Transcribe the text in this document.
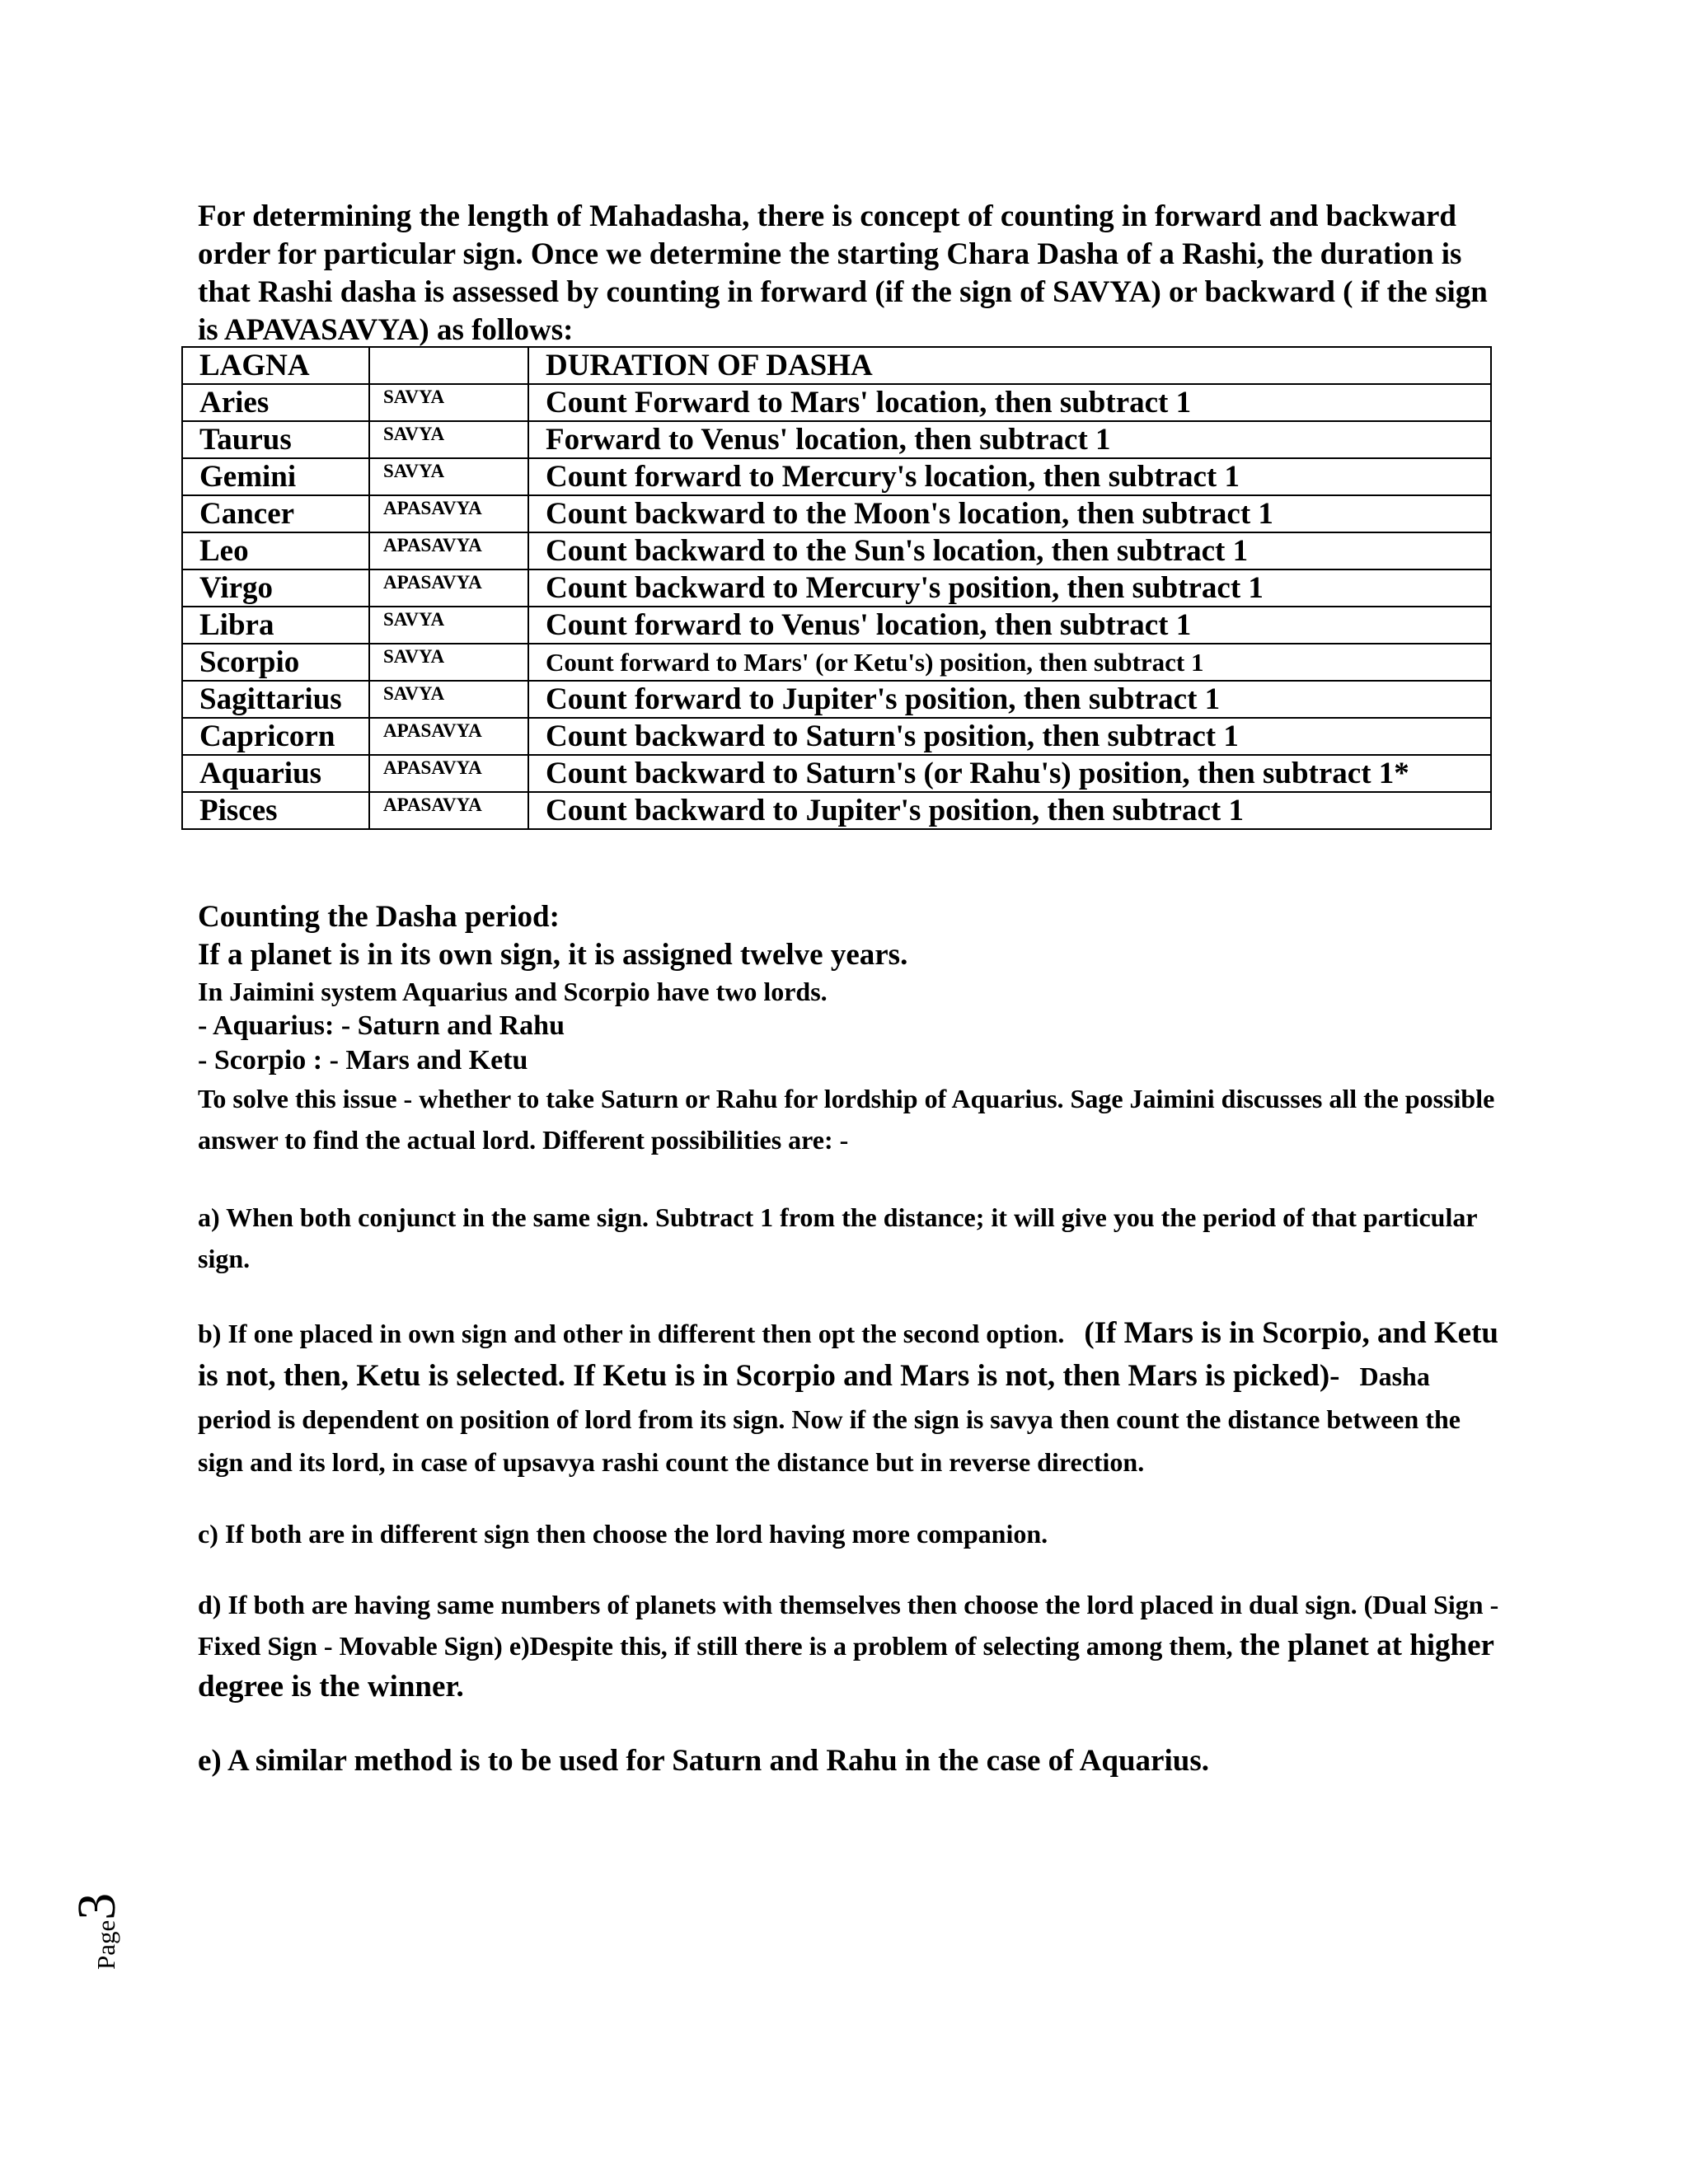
For determining the length of Mahadasha, there is concept of counting in forward and backward order for particular sign. Once we determine the starting Chara Dasha of a Rashi, the duration is that Rashi dasha is assessed by counting in forward (if the sign of SAVYA) or backward ( if the sign is APAVASAVYA) as follows:

LAGNA		DURATION OF DASHA
Aries	SAVYA	Count Forward to Mars' location, then subtract 1
Taurus	SAVYA	Forward to Venus' location, then subtract 1
Gemini	SAVYA	Count forward to Mercury's location, then subtract 1
Cancer	APASAVYA	Count backward to the Moon's location, then subtract 1
Leo	APASAVYA	Count backward to the Sun's location, then subtract 1
Virgo	APASAVYA	Count backward to Mercury's position, then subtract 1
Libra	SAVYA	Count forward to Venus' location, then subtract 1
Scorpio	SAVYA	Count forward to Mars' (or Ketu's) position, then subtract 1
Sagittarius	SAVYA	Count forward to Jupiter's position, then subtract 1
Capricorn	APASAVYA	Count backward to Saturn's position, then subtract 1
Aquarius	APASAVYA	Count backward to Saturn's (or Rahu's) position, then subtract 1*
Pisces	APASAVYA	Count backward to Jupiter's position, then subtract 1

Counting the Dasha period:

If a planet is in its own sign, it is assigned twelve years.

In Jaimini system Aquarius and Scorpio have two lords.

- Aquarius: - Saturn and Rahu

- Scorpio : - Mars and Ketu

To solve this issue - whether to take Saturn or Rahu for lordship of Aquarius. Sage Jaimini discusses all the possible answer to find the actual lord. Different possibilities are: -

a) When both conjunct in the same sign. Subtract 1 from the distance; it will give you the period of that particular sign.

b) If one placed in own sign and other in different then opt the second option. (If Mars is in Scorpio, and Ketu is not, then, Ketu is selected. If Ketu is in Scorpio and Mars is not, then Mars is picked)- Dasha period is dependent on position of lord from its sign. Now if the sign is savya then count the distance between the sign and its lord, in case of upsavya rashi count the distance but in reverse direction.

c) If both are in different sign then choose the lord having more companion.

d) If both are having same numbers of planets with themselves then choose the lord placed in dual sign. (Dual Sign - Fixed Sign - Movable Sign) e)Despite this, if still there is a problem of selecting among them, the planet at higher degree is the winner.

e) A similar method is to be used for Saturn and Rahu in the case of Aquarius.

Page3
